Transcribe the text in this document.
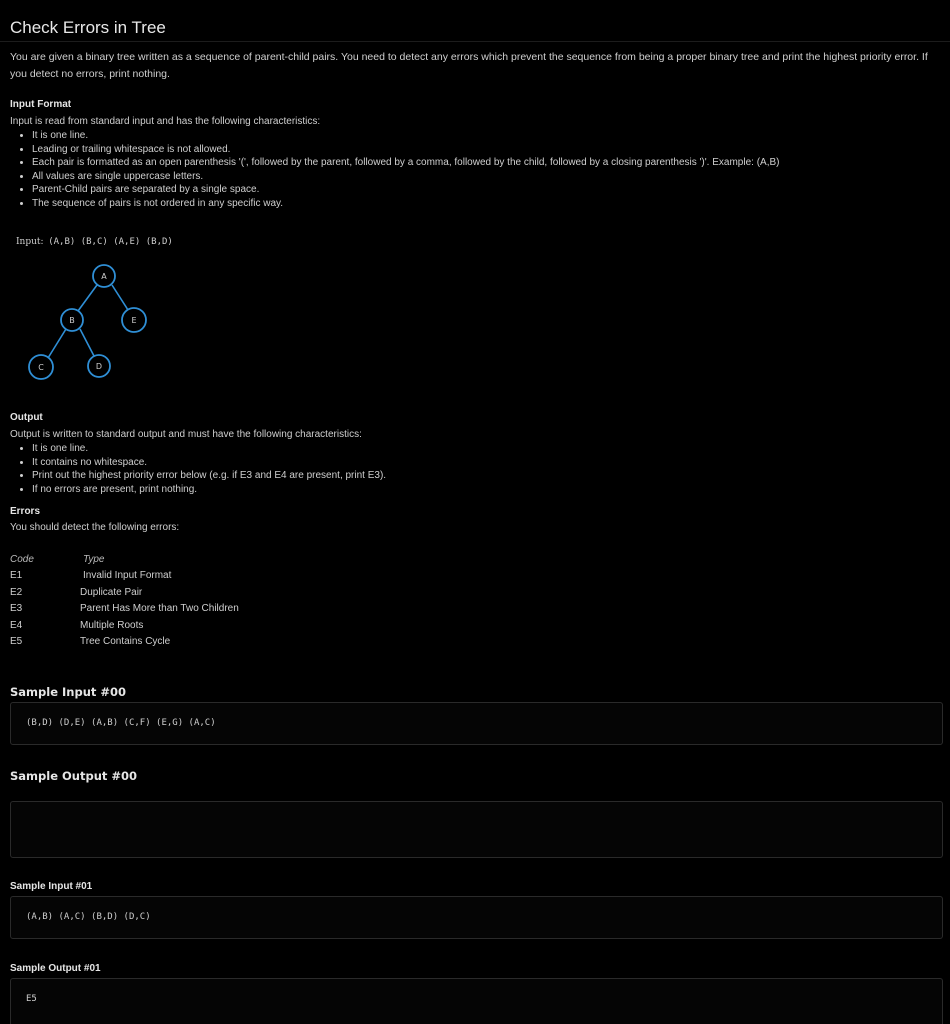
Check Errors in Tree
You are given a binary tree written as a sequence of parent-child pairs. You need to detect any errors which prevent the sequence from being a proper binary tree and print the highest priority error. If you detect no errors, print nothing.
Input Format
Input is read from standard input and has the following characteristics:
• It is one line.
• Leading or trailing whitespace is not allowed.
• Each pair is formatted as an open parenthesis '(', followed by the parent, followed by a comma, followed by the child, followed by a closing parenthesis ')'. Example: (A,B)
• All values are single uppercase letters.
• Parent-Child pairs are separated by a single space.
• The sequence of pairs is not ordered in any specific way.
Input: (A,B) (B,C) (A,E) (B,D)
A
B	E
C	D
Output
Output is written to standard output and must have the following characteristics:
• It is one line.
• It contains no whitespace.
• Print out the highest priority error below (e.g. if E3 and E4 are present, print E3).
• If no errors are present, print nothing.
Errors
You should detect the following errors:
Code	Type
E1	Invalid Input Format
E2	Duplicate Pair
E3	Parent Has More than Two Children
E4	Multiple Roots
E5	Tree Contains Cycle
Sample Input #00
(B,D) (D,E) (A,B) (C,F) (E,G) (A,C)
Sample Output #00
Sample Input #01
(A,B) (A,C) (B,D) (D,C)
Sample Output #01
E5
